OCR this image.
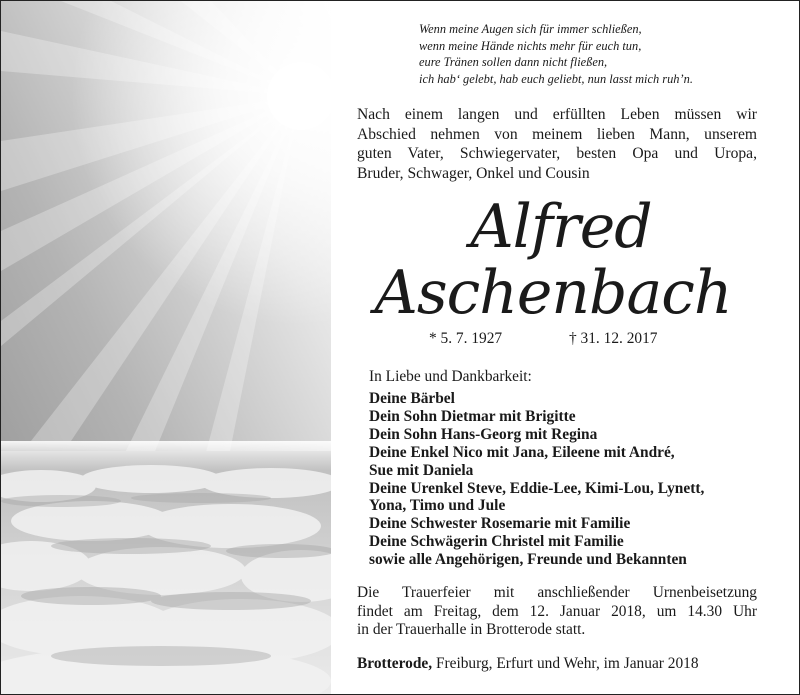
Wenn meine Augen sich für immer schließen,
wenn meine Hände nichts mehr für euch tun,
eure Tränen sollen dann nicht fließen,
ich hab‘ gelebt, hab euch geliebt, nun lasst mich ruh’n.
Nach einem langen und erfüllten Leben müssen wir
Abschied nehmen von meinem lieben Mann, unserem
guten Vater, Schwiegervater, besten Opa und Uropa,
Bruder, Schwager, Onkel und Cousin
Alfred
Aschenbach
* 5. 7. 1927	† 31. 12. 2017
In Liebe und Dankbarkeit:
Deine Bärbel
Dein Sohn Dietmar mit Brigitte
Dein Sohn Hans-Georg mit Regina
Deine Enkel Nico mit Jana, Eileene mit André,
Sue mit Daniela
Deine Urenkel Steve, Eddie-Lee, Kimi-Lou, Lynett,
Yona, Timo und Jule
Deine Schwester Rosemarie mit Familie
Deine Schwägerin Christel mit Familie
sowie alle Angehörigen, Freunde und Bekannten
Die Trauerfeier mit anschließender Urnenbeisetzung
findet am Freitag, dem 12. Januar 2018, um 14.30 Uhr
in der Trauerhalle in Brotterode statt.
Brotterode, Freiburg, Erfurt und Wehr, im Januar 2018
